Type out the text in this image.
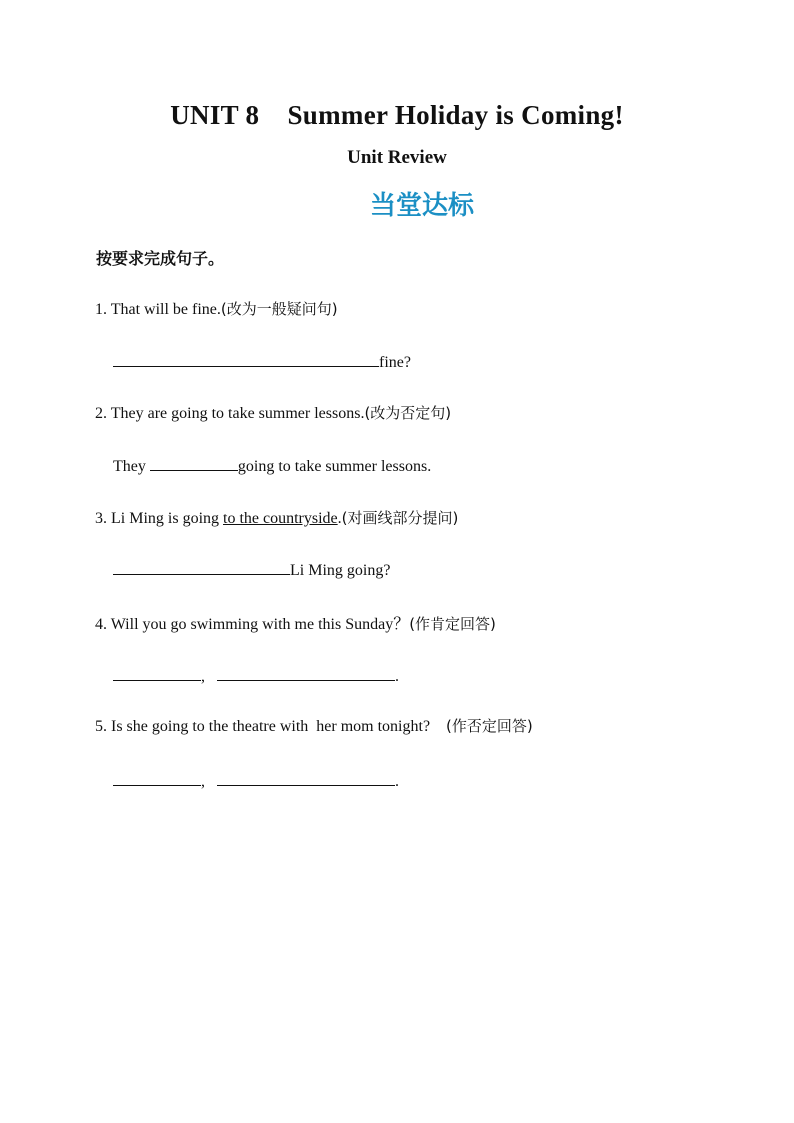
UNIT 8    Summer Holiday is Coming!
Unit Review
当堂达标
按要求完成句子。
1. That will be fine.(改为一般疑问句)
fine?
2. They are going to take summer lessons.(改为否定句)
They	going to take summer lessons.
3. Li Ming is going to the countryside.(对画线部分提问)
Li Ming going?
4. Will you go swimming with me this Sunday？(作肯定回答)
,	.
5. Is she going to the theatre with  her mom tonight?    (作否定回答)
,	.
